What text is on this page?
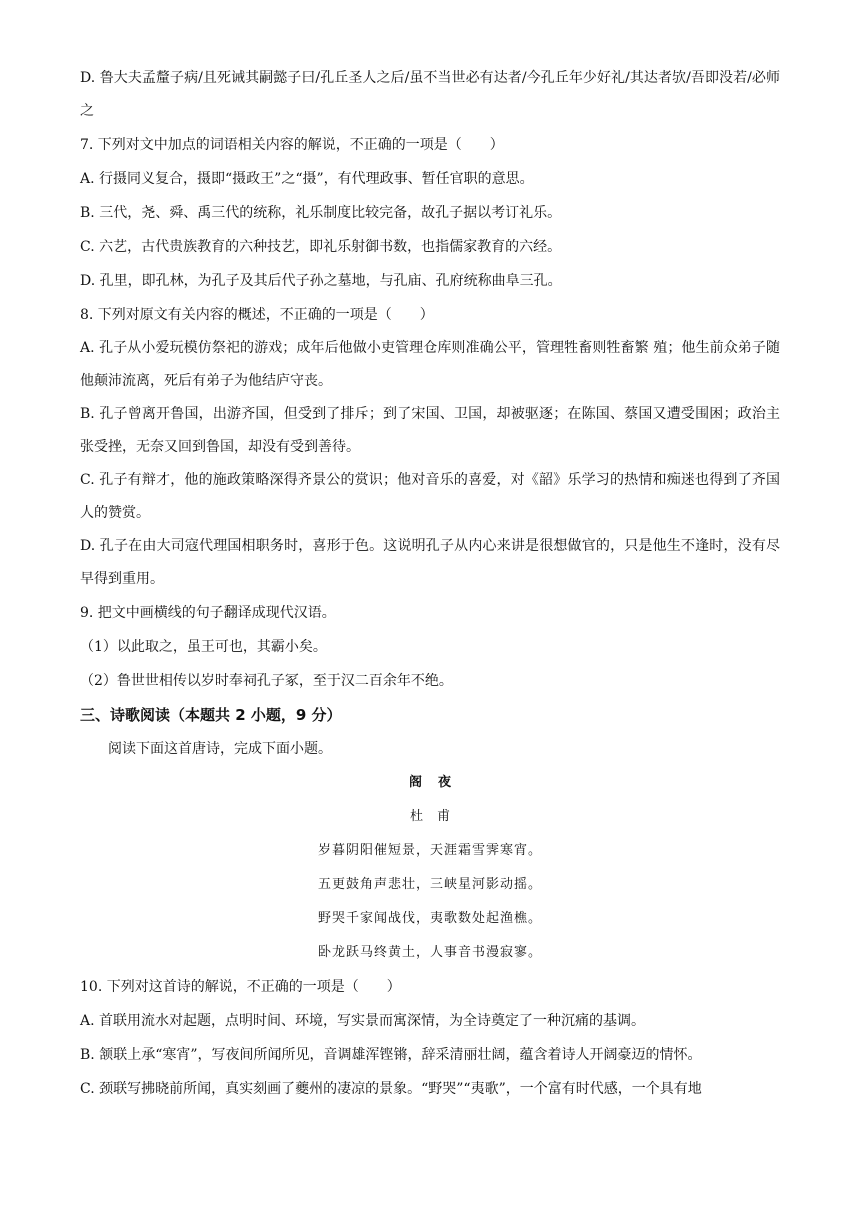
D. 鲁大夫孟釐子病/且死诫其嗣懿子曰/孔丘圣人之后/虽不当世必有达者/今孔丘年少好礼/其达者欤/吾即没若/必师之
7. 下列对文中加点的词语相关内容的解说，不正确的一项是（　　）
A. 行摄同义复合，摄即“摄政王”之“摄”，有代理政事、暂任官职的意思。
B. 三代，尧、舜、禹三代的统称，礼乐制度比较完备，故孔子据以考订礼乐。
C. 六艺，古代贵族教育的六种技艺，即礼乐射御书数，也指儒家教育的六经。
D. 孔里，即孔林，为孔子及其后代子孙之墓地，与孔庙、孔府统称曲阜三孔。
8. 下列对原文有关内容的概述，不正确的一项是（　　）
A. 孔子从小爱玩模仿祭祀的游戏；成年后他做小吏管理仓库则准确公平，管理牲畜则牲畜繁 殖；他生前众弟子随他颠沛流离，死后有弟子为他结庐守丧。
B. 孔子曾离开鲁国，出游齐国，但受到了排斥；到了宋国、卫国，却被驱逐；在陈国、蔡国又遭受围困；政治主张受挫，无奈又回到鲁国，却没有受到善待。
C. 孔子有辩才，他的施政策略深得齐景公的赏识；他对音乐的喜爱，对《韶》乐学习的热情和痴迷也得到了齐国人的赞赏。
D. 孔子在由大司寇代理国相职务时，喜形于色。这说明孔子从内心来讲是很想做官的，只是他生不逢时，没有尽早得到重用。
9. 把文中画横线的句子翻译成现代汉语。
（1）以此取之，虽王可也，其霸小矣。
（2）鲁世世相传以岁时奉祠孔子冢，至于汉二百余年不绝。
三、诗歌阅读（本题共 2 小题，9 分）
阅读下面这首唐诗，完成下面小题。
阁夜
杜甫
岁暮阴阳催短景，天涯霜雪霁寒宵。
五更鼓角声悲壮，三峡星河影动摇。
野哭千家闻战伐，夷歌数处起渔樵。
卧龙跃马终黄土，人事音书漫寂寥。
10. 下列对这首诗的解说，不正确的一项是（　　）
A. 首联用流水对起题，点明时间、环境，写实景而寓深情，为全诗奠定了一种沉痛的基调。
B. 颔联上承“寒宵”，写夜间所闻所见，音调雄浑铿锵，辞采清丽壮阔，蕴含着诗人开阔豪迈的情怀。
C. 颈联写拂晓前所闻，真实刻画了夔州的凄凉的景象。“野哭”“夷歌”，一个富有时代感，一个具有地
